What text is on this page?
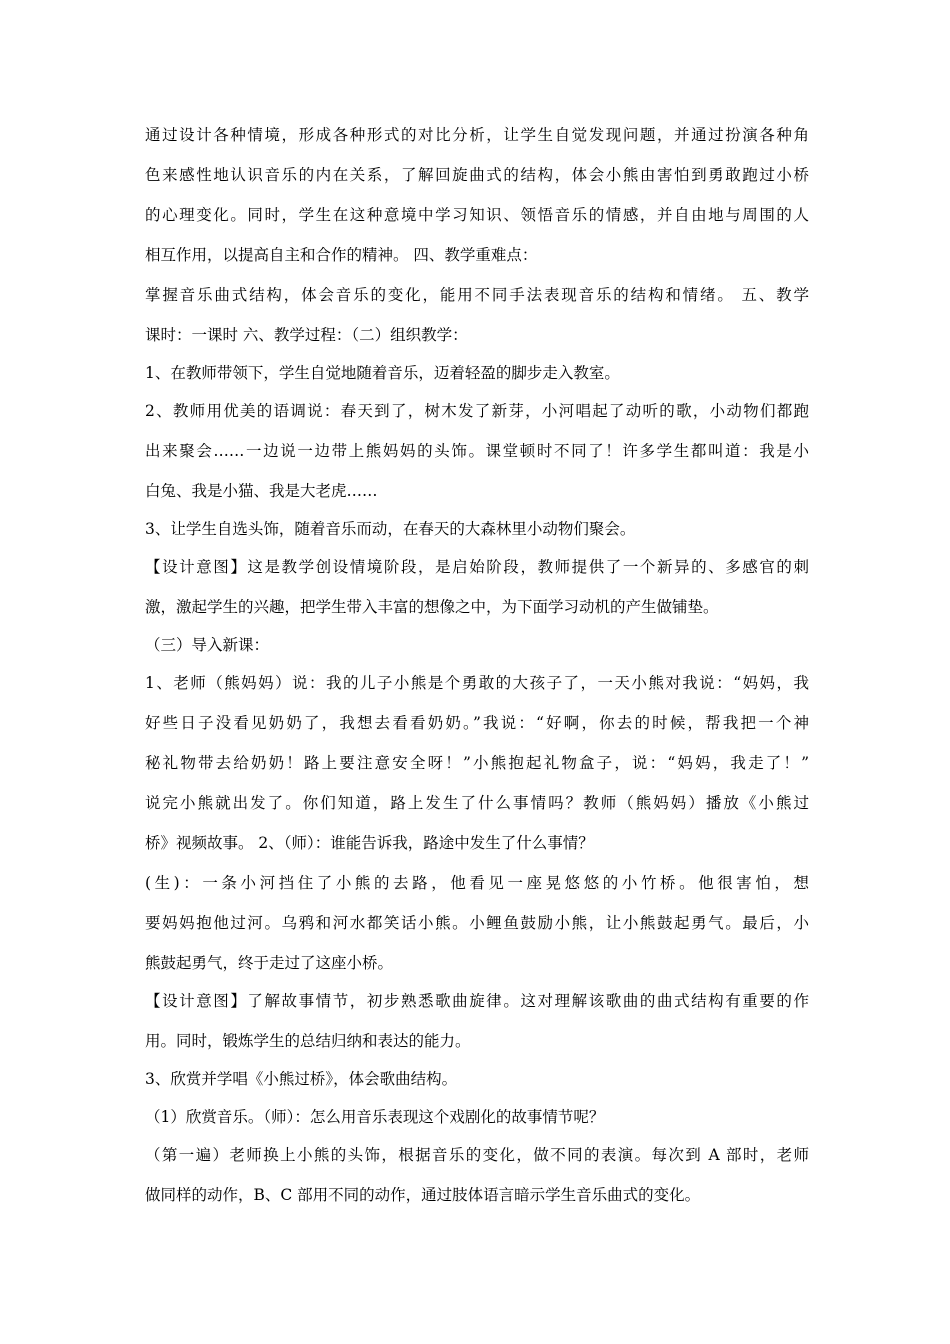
通过设计各种情境，形成各种形式的对比分析，让学生自觉发现问题，并通过扮演各种角
色来感性地认识音乐的内在关系，了解回旋曲式的结构，体会小熊由害怕到勇敢跑过小桥
的心理变化。同时，学生在这种意境中学习知识、领悟音乐的情感，并自由地与周围的人
相互作用，以提高自主和合作的精神。 四、教学重难点：
掌握音乐曲式结构，体会音乐的变化，能用不同手法表现音乐的结构和情绪。 五、教学
课时：一课时 六、教学过程：（二）组织教学：
1、在教师带领下，学生自觉地随着音乐，迈着轻盈的脚步走入教室。
2、教师用优美的语调说：春天到了，树木发了新芽，小河唱起了动听的歌，小动物们都跑
出来聚会……一边说一边带上熊妈妈的头饰。课堂顿时不同了！许多学生都叫道：我是小
白兔、我是小猫、我是大老虎……
3、让学生自选头饰，随着音乐而动，在春天的大森林里小动物们聚会。
【设计意图】这是教学创设情境阶段，是启始阶段，教师提供了一个新异的、多感官的刺
激，激起学生的兴趣，把学生带入丰富的想像之中，为下面学习动机的产生做铺垫。
（三）导入新课：
1、老师（熊妈妈）说：我的儿子小熊是个勇敢的大孩子了，一天小熊对我说：“妈妈，我
好些日子没看见奶奶了，我想去看看奶奶。”我说：“好啊，你去的时候，帮我把一个神
秘礼物带去给奶奶！路上要注意安全呀！”小熊抱起礼物盒子，说：“妈妈，我走了！”
说完小熊就出发了。你们知道，路上发生了什么事情吗？教师（熊妈妈）播放《小熊过
桥》视频故事。 2、（师）：谁能告诉我，路途中发生了什么事情？
(生)：一条小河挡住了小熊的去路，他看见一座晃悠悠的小竹桥。他很害怕，想
要妈妈抱他过河。乌鸦和河水都笑话小熊。小鲤鱼鼓励小熊，让小熊鼓起勇气。最后，小
熊鼓起勇气，终于走过了这座小桥。
【设计意图】了解故事情节，初步熟悉歌曲旋律。这对理解该歌曲的曲式结构有重要的作
用。同时，锻炼学生的总结归纳和表达的能力。
3、欣赏并学唱《小熊过桥》，体会歌曲结构。
（1）欣赏音乐。（师）：怎么用音乐表现这个戏剧化的故事情节呢？
（第一遍）老师换上小熊的头饰，根据音乐的变化，做不同的表演。每次到 A 部时，老师
做同样的动作，B、C 部用不同的动作，通过肢体语言暗示学生音乐曲式的变化。
